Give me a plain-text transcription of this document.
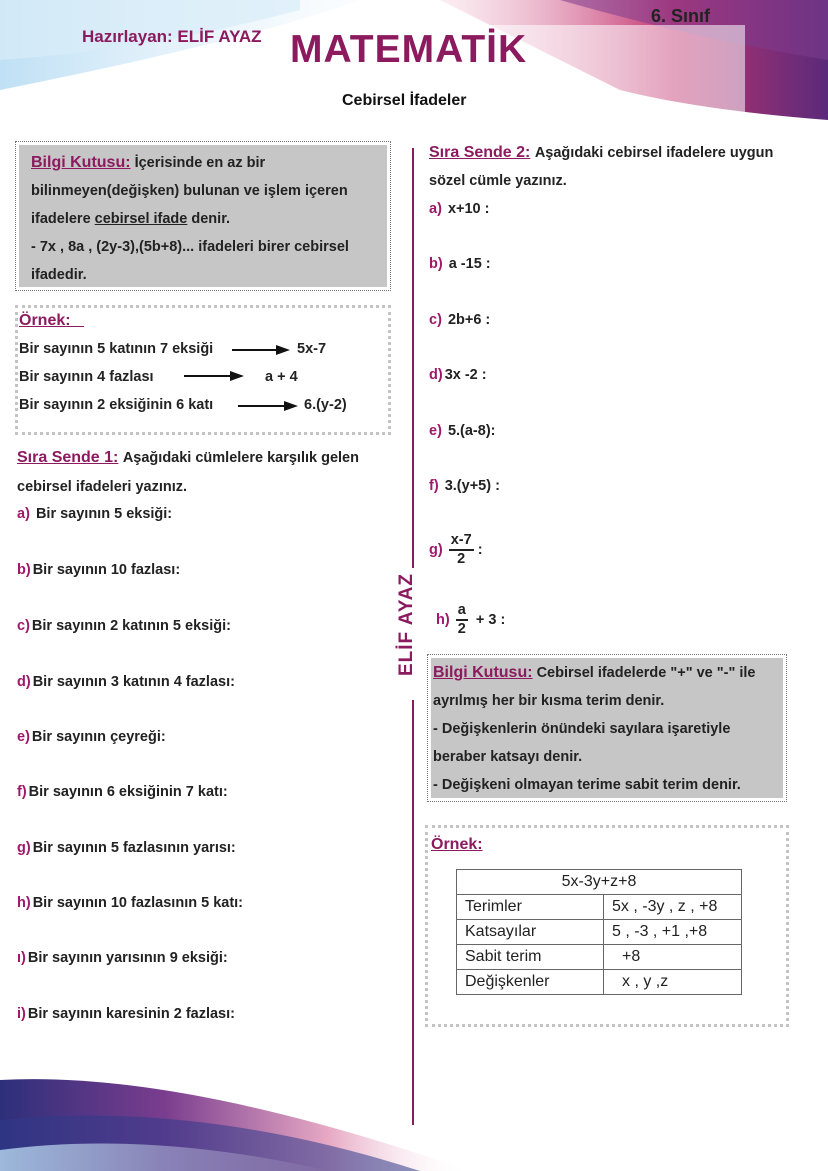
Hazırlayan: ELİF AYAZ MATEMATİK
6. Sınıf
Cebirsel İfadeler
ELİF AYAZ
Bilgi Kutusu: İçerisinde en az bir
bilinmeyen(değişken) bulunan ve işlem içeren
ifadelere cebirsel ifade denir.
- 7x , 8a , (2y-3),(5b+8)... ifadeleri birer cebirsel
ifadedir.
Örnek:
Bir sayının 5 katının 7 eksiği	5x-7
Bir sayının 4 fazlası	a + 4
Bir sayının 2 eksiğinin 6 katı	6.(y-2)
Sıra Sende 1: Aşağıdaki cümlelere karşılık gelen
cebirsel ifadeleri yazınız.
a) Bir sayının 5 eksiği:
b) Bir sayının 10 fazlası:
c) Bir sayının 2 katının 5 eksiği:
d) Bir sayının 3 katının 4 fazlası:
e) Bir sayının çeyreği:
f) Bir sayının 6 eksiğinin 7 katı:
g) Bir sayının 5 fazlasının yarısı:
h) Bir sayının 10 fazlasının 5 katı:
ı) Bir sayının yarısının 9 eksiği:
i) Bir sayının karesinin 2 fazlası:
Sıra Sende 2: Aşağıdaki cebirsel ifadelere uygun
sözel cümle yazınız.
a) x+10 :
b) a -15 :
c) 2b+6 :
d) 3x -2 :
e) 5.(a-8):
f) 3.(y+5) :
$g) \frac{x-7}{2}$ :
$h) \frac{a}{2} + 3$ :
Bilgi Kutusu: Cebirsel ifadelerde "+" ve "-" ile
ayrılmış her bir kısma terim denir.
- Değişkenlerin önündeki sayılara işaretiyle
beraber katsayı denir.
- Değişkeni olmayan terime sabit terim denir.
Örnek:
5x-3y+z+8	
Terimler	5x , -3y , z , +8
Katsayılar	5 , -3 , +1 ,+8
Sabit terim	+8
Değişkenler	x , y ,z
